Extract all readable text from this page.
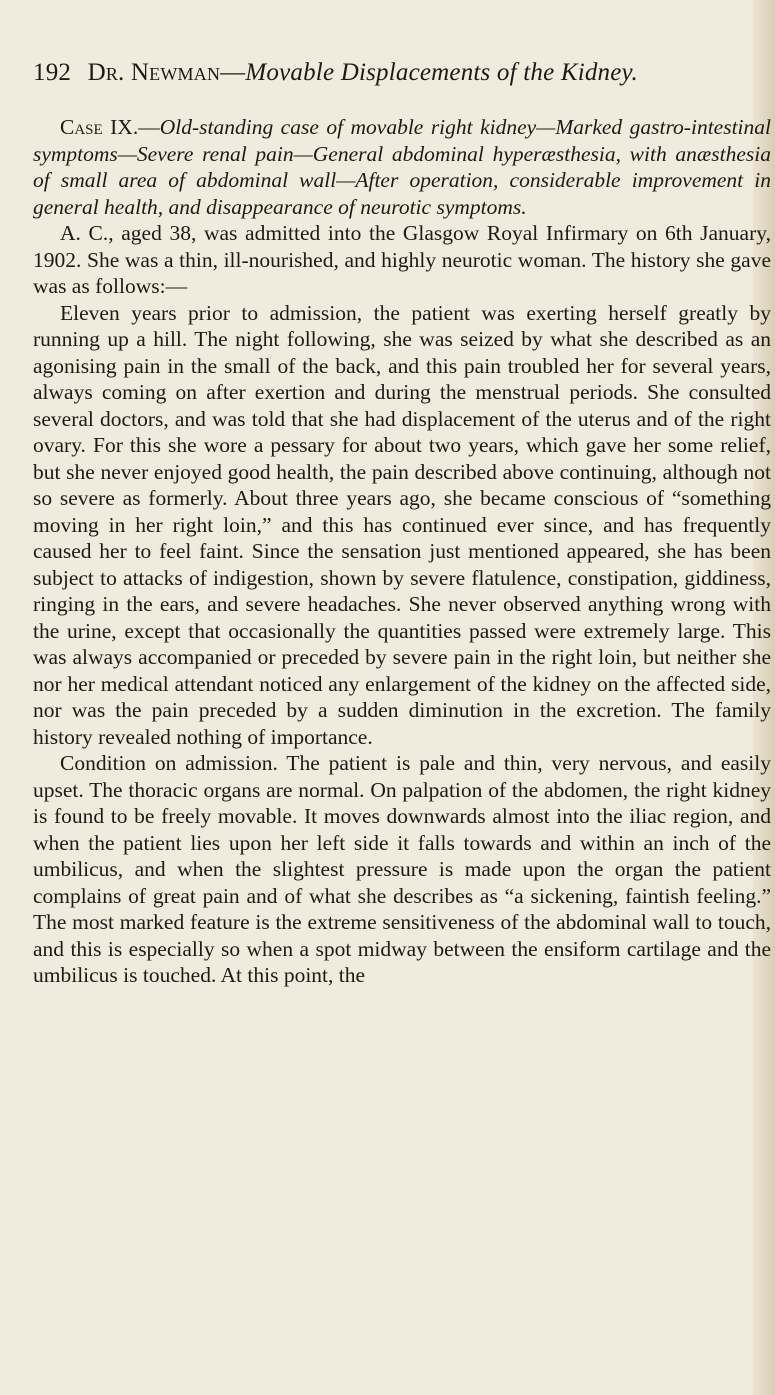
192 Dr. Newman—Movable Displacements of the Kidney.
Case IX.—Old-standing case of movable right kidney—Marked gastro-intestinal symptoms—Severe renal pain—General abdominal hyperæsthesia, with anæsthesia of small area of abdominal wall—After operation, considerable improvement in general health, and disappearance of neurotic symptoms.

A. C., aged 38, was admitted into the Glasgow Royal Infirmary on 6th January, 1902. She was a thin, ill-nourished, and highly neurotic woman. The history she gave was as follows:—

Eleven years prior to admission, the patient was exerting herself greatly by running up a hill. The night following, she was seized by what she described as an agonising pain in the small of the back, and this pain troubled her for several years, always coming on after exertion and during the menstrual periods. She consulted several doctors, and was told that she had displacement of the uterus and of the right ovary. For this she wore a pessary for about two years, which gave her some relief, but she never enjoyed good health, the pain described above continuing, although not so severe as formerly. About three years ago, she became conscious of “something moving in her right loin,” and this has continued ever since, and has frequently caused her to feel faint. Since the sensation just mentioned appeared, she has been subject to attacks of indigestion, shown by severe flatulence, constipation, giddiness, ringing in the ears, and severe headaches. She never observed anything wrong with the urine, except that occasionally the quantities passed were extremely large. This was always accompanied or preceded by severe pain in the right loin, but neither she nor her medical attendant noticed any enlargement of the kidney on the affected side, nor was the pain preceded by a sudden diminution in the excretion. The family history revealed nothing of importance.

Condition on admission. The patient is pale and thin, very nervous, and easily upset. The thoracic organs are normal. On palpation of the abdomen, the right kidney is found to be freely movable. It moves downwards almost into the iliac region, and when the patient lies upon her left side it falls towards and within an inch of the umbilicus, and when the slightest pressure is made upon the organ the patient complains of great pain and of what she describes as “a sickening, faintish feeling.” The most marked feature is the extreme sensitiveness of the abdominal wall to touch, and this is especially so when a spot midway between the ensiform cartilage and the umbilicus is touched. At this point, the
